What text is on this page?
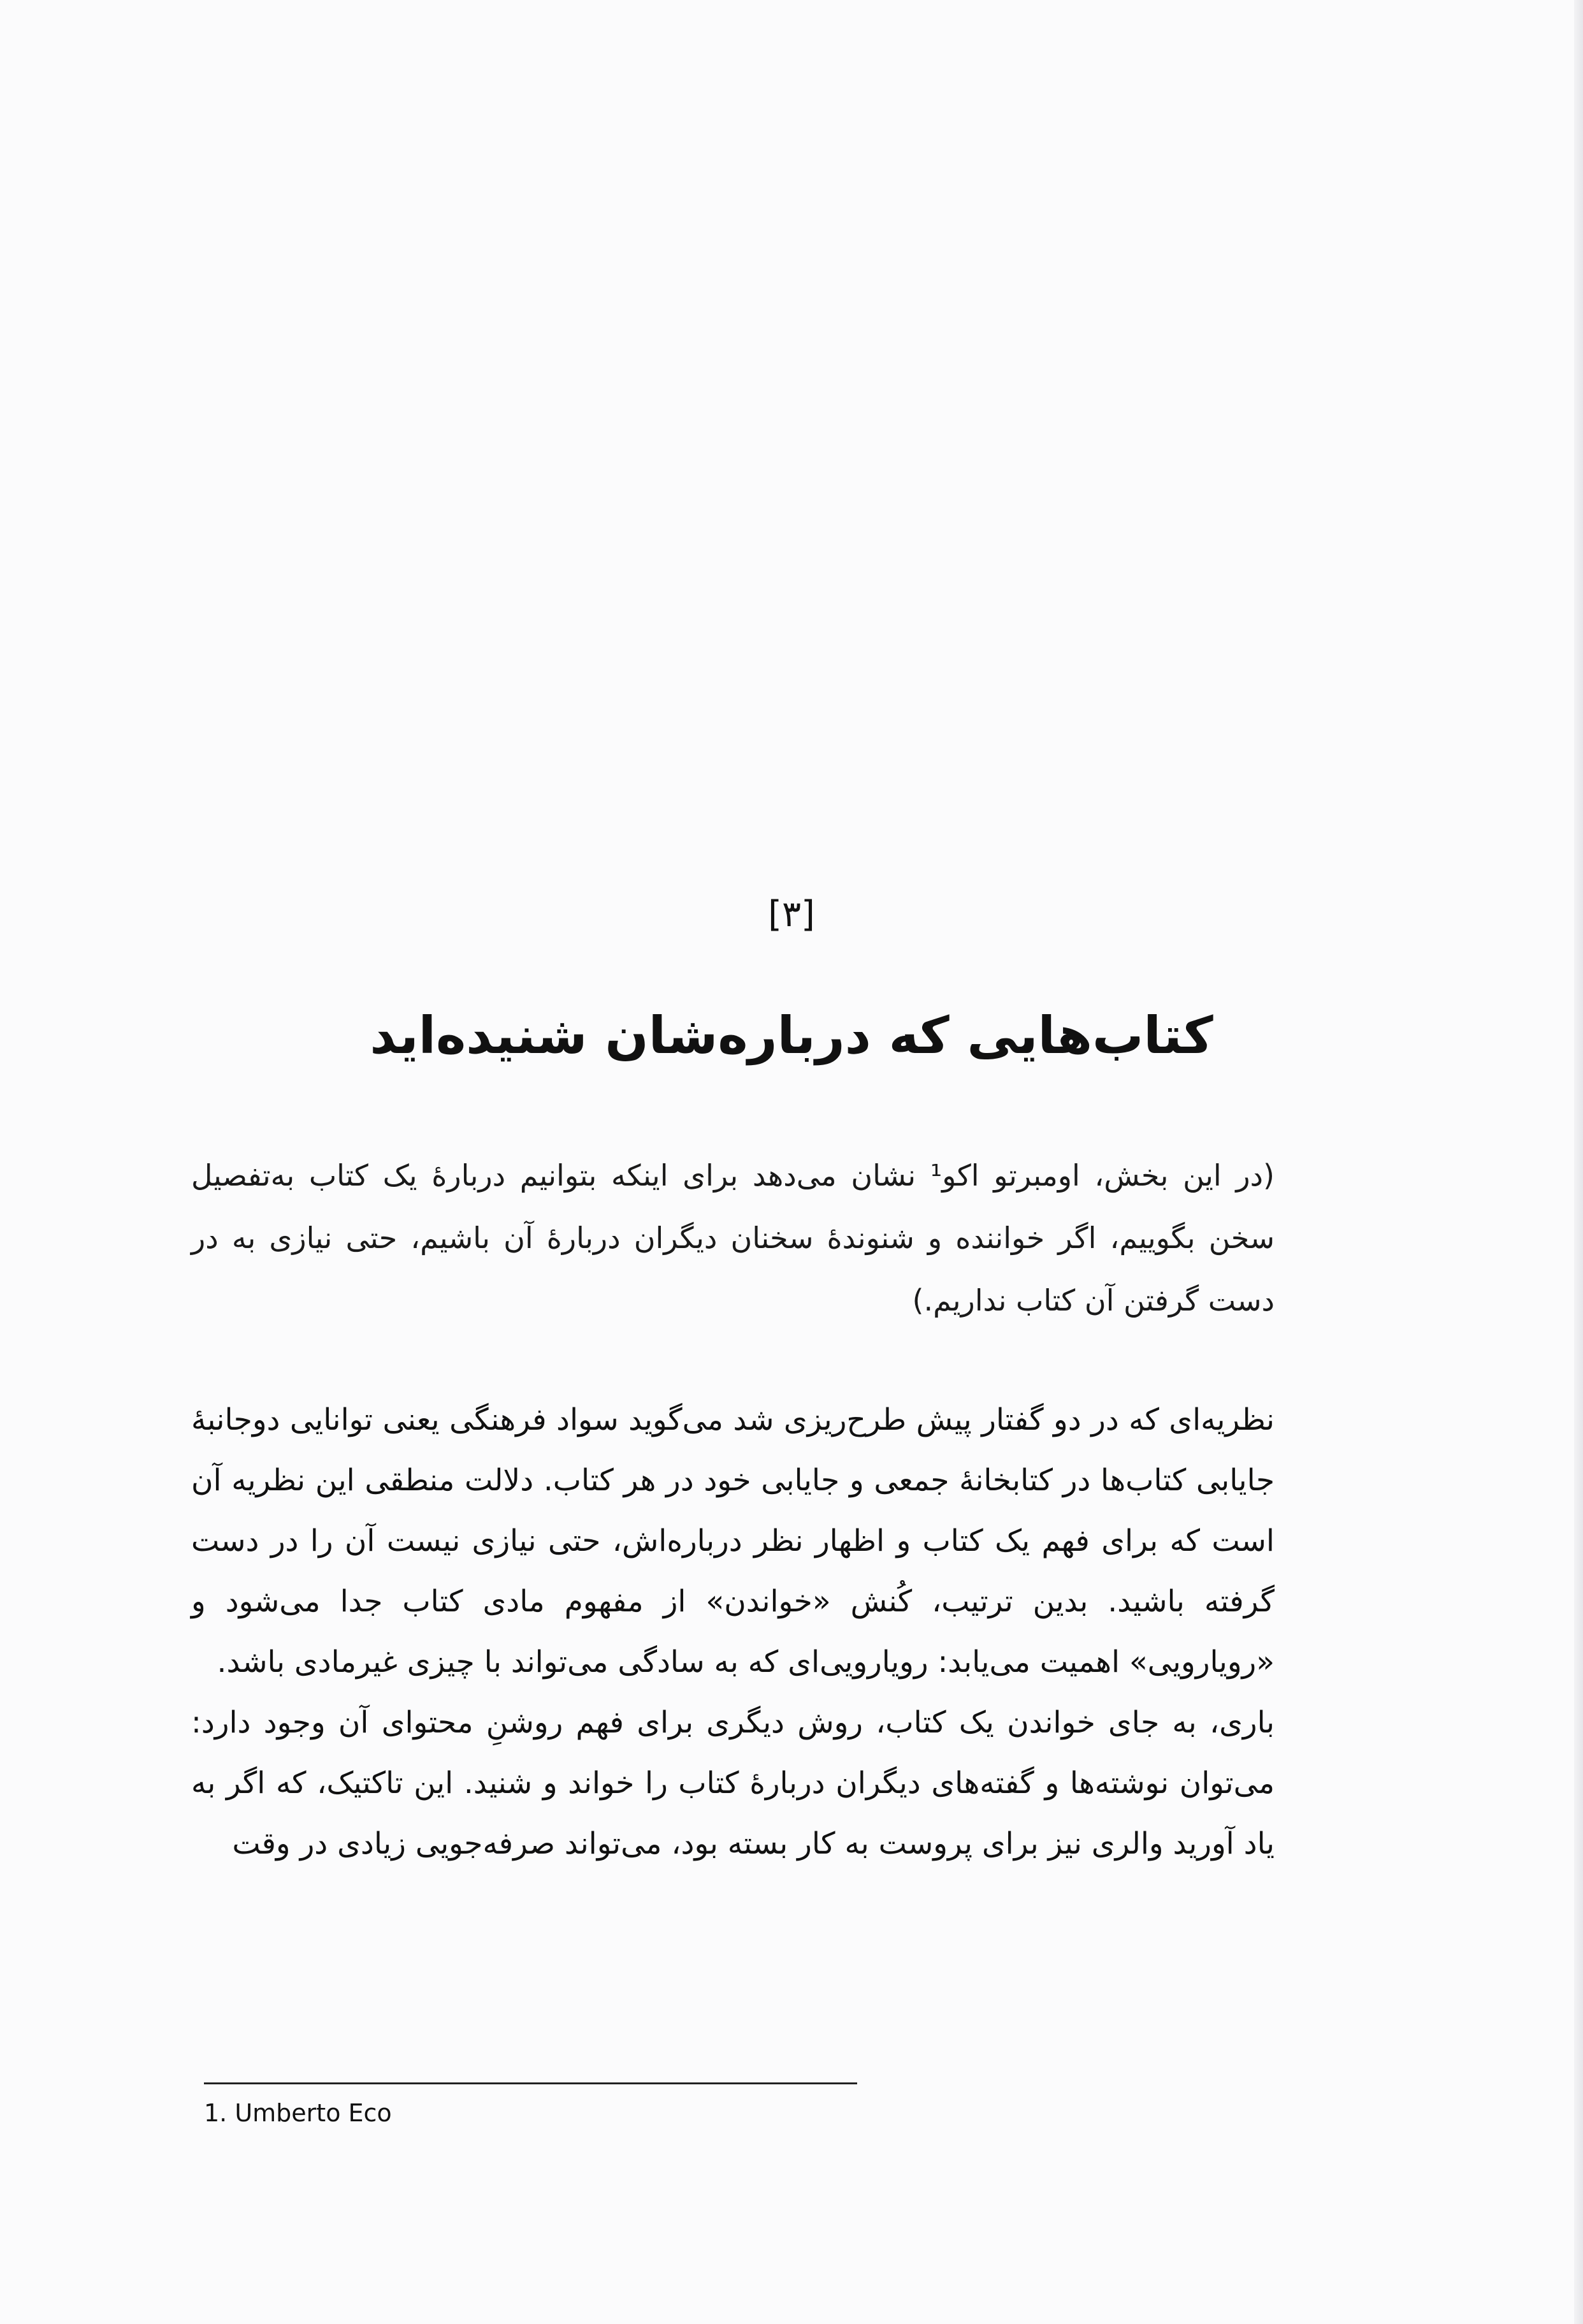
[۳]
کتاب‌هایی که درباره‌شان شنیده‌اید
(در این بخش، اومبرتو اکو¹ نشان می‌دهد برای اینکه بتوانیم دربارهٔ یک کتاب به‌تفصیل سخن بگوییم، اگر خواننده و شنوندهٔ سخنان دیگران دربارهٔ آن باشیم، حتی نیازی به در دست گرفتن آن کتاب نداریم.)

نظریه‌ای که در دو گفتار پیش طرح‌ریزی شد می‌گوید سواد فرهنگی یعنی توانایی دوجانبهٔ جایابی کتاب‌ها در کتابخانهٔ جمعی و جایابی خود در هر کتاب. دلالت منطقی این نظریه آن است که برای فهم یک کتاب و اظهار نظر درباره‌اش، حتی نیازی نیست آن را در دست گرفته باشید. بدین ترتیب، کُنش «خواندن» از مفهوم مادی کتاب جدا می‌شود و «رویارویی» اهمیت می‌یابد: رویارویی‌ای که به سادگی می‌تواند با چیزی غیرمادی باشد.

باری، به جای خواندن یک کتاب، روش دیگری برای فهم روشنِ محتوای آن وجود دارد: می‌توان نوشته‌ها و گفته‌های دیگران دربارهٔ کتاب را خواند و شنید. این تاکتیک، که اگر به یاد آورید والری نیز برای پروست به کار بسته بود، می‌تواند صرفه‌جویی زیادی در وقت

1. Umberto Eco
